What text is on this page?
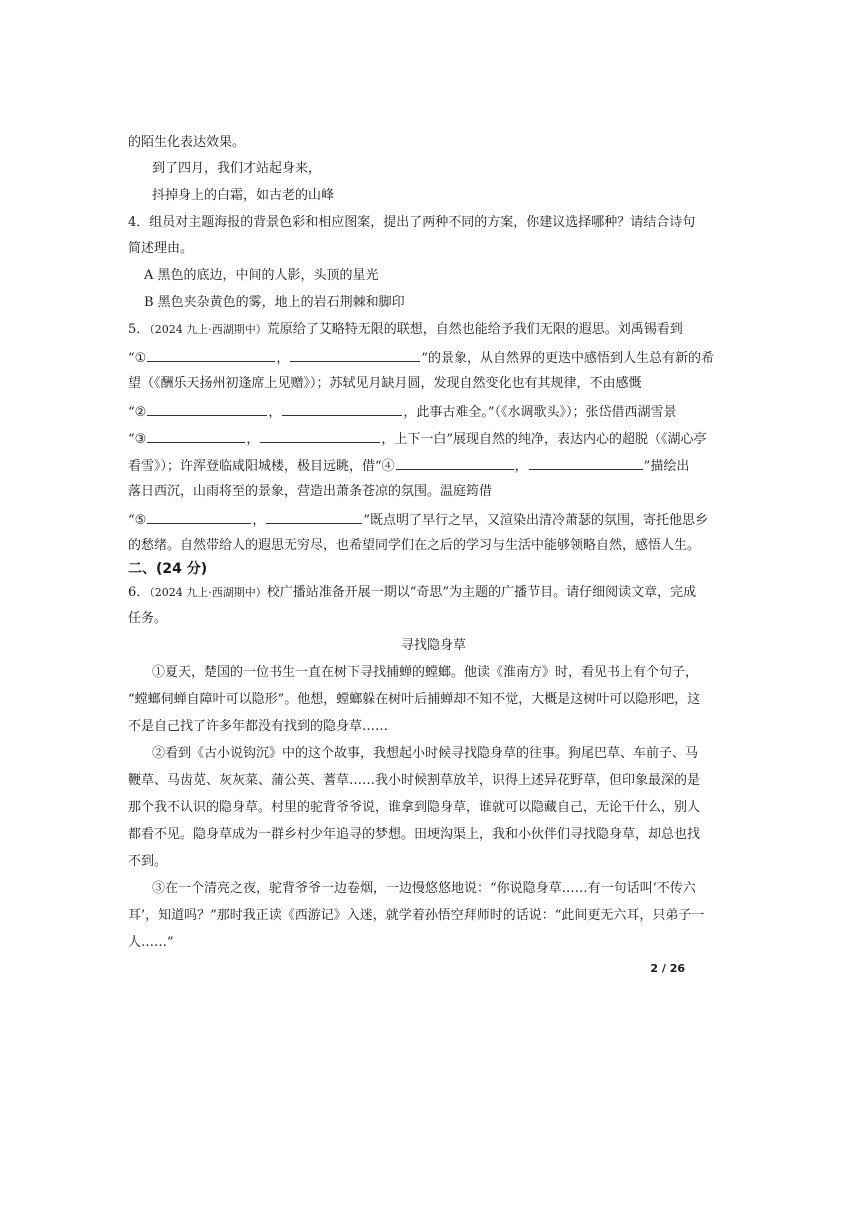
的陌生化表达效果。
到了四月，我们才站起身来，
抖掉身上的白霜，如古老的山峰
4．组员对主题海报的背景色彩和相应图案，提出了两种不同的方案，你建议选择哪种？请结合诗句
简述理由。
A 黑色的底边，中间的人影，头顶的星光
B 黑色夹杂黄色的雾，地上的岩石荆棘和脚印
5．（2024 九上·西湖期中）荒原给了艾略特无限的联想，自然也能给予我们无限的遐思。刘禹锡看到
“①	，	”的景象，从自然界的更迭中感悟到人生总有新的希
望（《酬乐天扬州初逢席上见赠》）；苏轼见月缺月圆，发现自然变化也有其规律，不由感慨
“②	，	，此事古难全。”（《水调歌头》）；张岱借西湖雪景
“③	，	，上下一白”展现自然的纯净，表达内心的超脱（《湖心亭
看雪》）；许浑登临咸阳城楼，极目远眺，借“④	，	”描绘出
落日西沉，山雨将至的景象，营造出萧条苍凉的氛围。温庭筠借
“⑤	，	”既点明了早行之早，又渲染出清冷萧瑟的氛围，寄托他思乡
的愁绪。自然带给人的遐思无穷尽，也希望同学们在之后的学习与生活中能够领略自然，感悟人生。
二、(24 分)
6．（2024 九上·西湖期中）校广播站准备开展一期以“奇思”为主题的广播节目。请仔细阅读文章，完成
任务。
寻找隐身草
①夏天，楚国的一位书生一直在树下寻找捕蝉的螳螂。他读《淮南方》时，看见书上有个句子，
“螳螂伺蝉自障叶可以隐形”。他想，螳螂躲在树叶后捕蝉却不知不觉，大概是这树叶可以隐形吧，这
不是自己找了许多年都没有找到的隐身草……
②看到《古小说钩沉》中的这个故事，我想起小时候寻找隐身草的往事。狗尾巴草、车前子、马
鞭草、马齿苋、灰灰菜、蒲公英、蓍草……我小时候割草放羊，识得上述异花野草，但印象最深的是
那个我不认识的隐身草。村里的驼背爷爷说，谁拿到隐身草，谁就可以隐藏自己，无论干什么，别人
都看不见。隐身草成为一群乡村少年追寻的梦想。田埂沟渠上，我和小伙伴们寻找隐身草，却总也找
不到。
③在一个清亮之夜，驼背爷爷一边卷烟，一边慢悠悠地说：“你说隐身草……有一句话叫‘不传六
耳’，知道吗？”那时我正读《西游记》入迷，就学着孙悟空拜师时的话说：“此间更无六耳，只弟子一
人……”
2 / 26
